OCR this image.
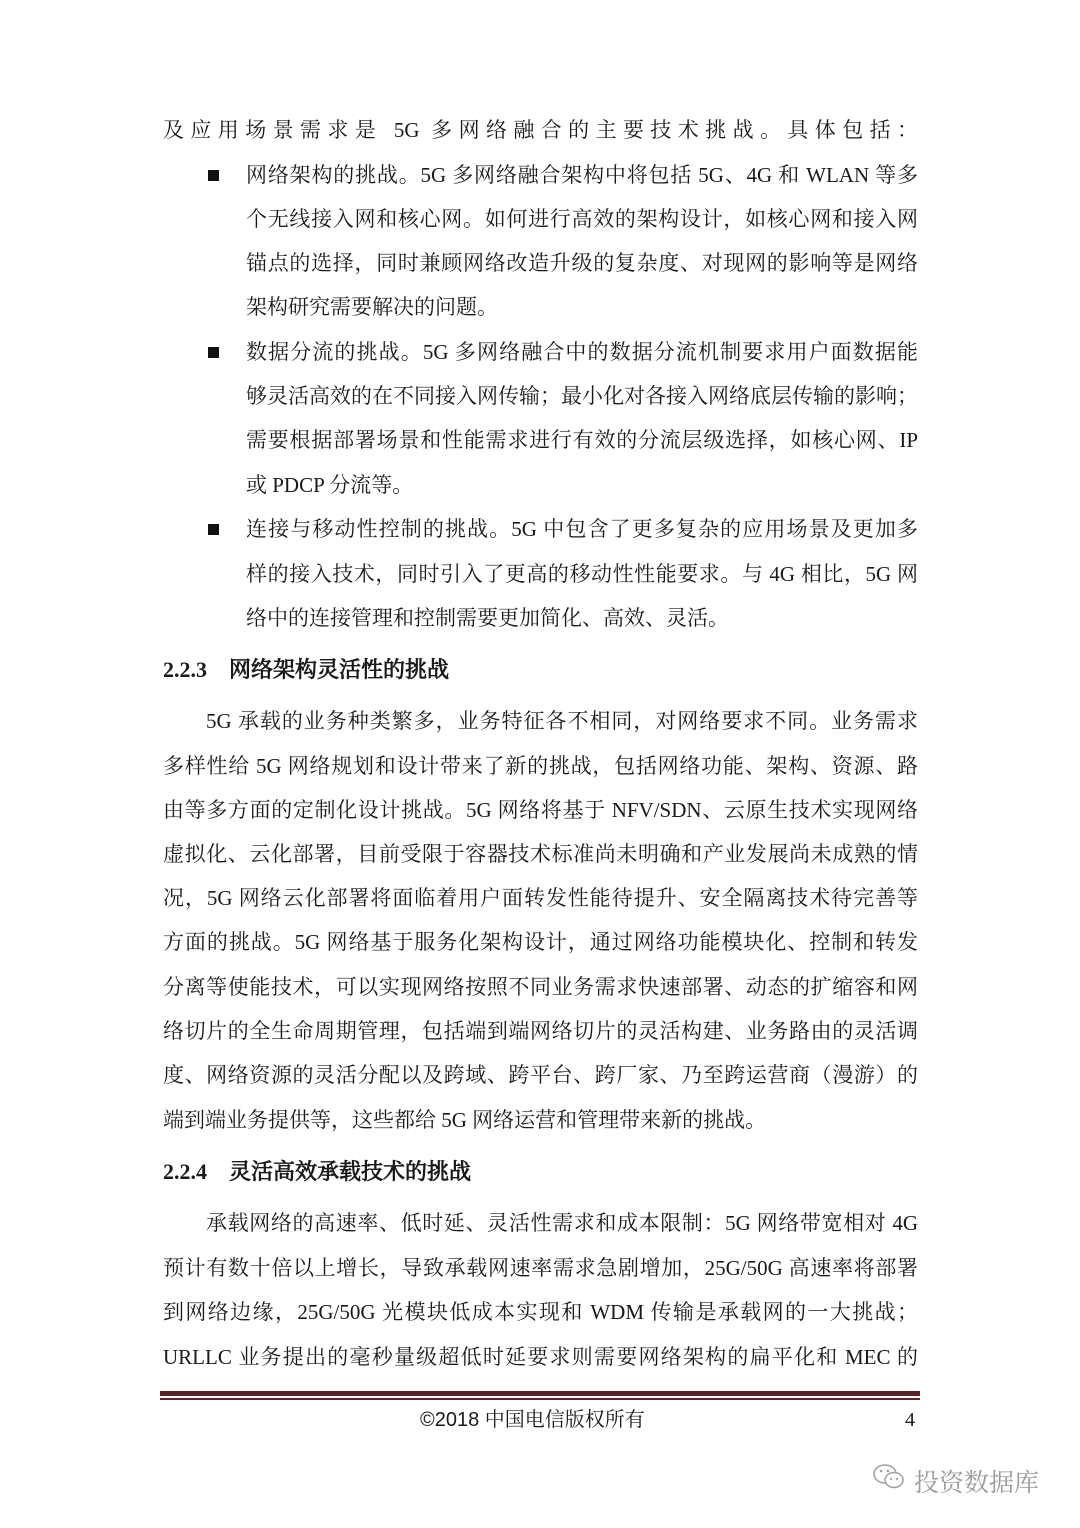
及应用场景需求是 5G 多网络融合的主要技术挑战。具体包括：
网络架构的挑战。5G 多网络融合架构中将包括 5G、4G 和 WLAN 等多
个无线接入网和核心网。如何进行高效的架构设计，如核心网和接入网
锚点的选择，同时兼顾网络改造升级的复杂度、对现网的影响等是网络
架构研究需要解决的问题。
数据分流的挑战。5G 多网络融合中的数据分流机制要求用户面数据能
够灵活高效的在不同接入网传输；最小化对各接入网络底层传输的影响；
需要根据部署场景和性能需求进行有效的分流层级选择，如核心网、IP
或 PDCP 分流等。
连接与移动性控制的挑战。5G 中包含了更多复杂的应用场景及更加多
样的接入技术，同时引入了更高的移动性性能要求。与 4G 相比，5G 网
络中的连接管理和控制需要更加简化、高效、灵活。
2.2.3 网络架构灵活性的挑战
5G 承载的业务种类繁多，业务特征各不相同，对网络要求不同。业务需求
多样性给 5G 网络规划和设计带来了新的挑战，包括网络功能、架构、资源、路
由等多方面的定制化设计挑战。5G 网络将基于 NFV/SDN、云原生技术实现网络
虚拟化、云化部署，目前受限于容器技术标准尚未明确和产业发展尚未成熟的情
况，5G 网络云化部署将面临着用户面转发性能待提升、安全隔离技术待完善等
方面的挑战。5G 网络基于服务化架构设计，通过网络功能模块化、控制和转发
分离等使能技术，可以实现网络按照不同业务需求快速部署、动态的扩缩容和网
络切片的全生命周期管理，包括端到端网络切片的灵活构建、业务路由的灵活调
度、网络资源的灵活分配以及跨域、跨平台、跨厂家、乃至跨运营商（漫游）的
端到端业务提供等，这些都给 5G 网络运营和管理带来新的挑战。
2.2.4 灵活高效承载技术的挑战
承载网络的高速率、低时延、灵活性需求和成本限制：5G 网络带宽相对 4G
预计有数十倍以上增长，导致承载网速率需求急剧增加，25G/50G 高速率将部署
到网络边缘，25G/50G 光模块低成本实现和 WDM 传输是承载网的一大挑战；
URLLC 业务提出的毫秒量级超低时延要求则需要网络架构的扁平化和 MEC 的
©2018 中国电信版权所有	4
投资数据库
